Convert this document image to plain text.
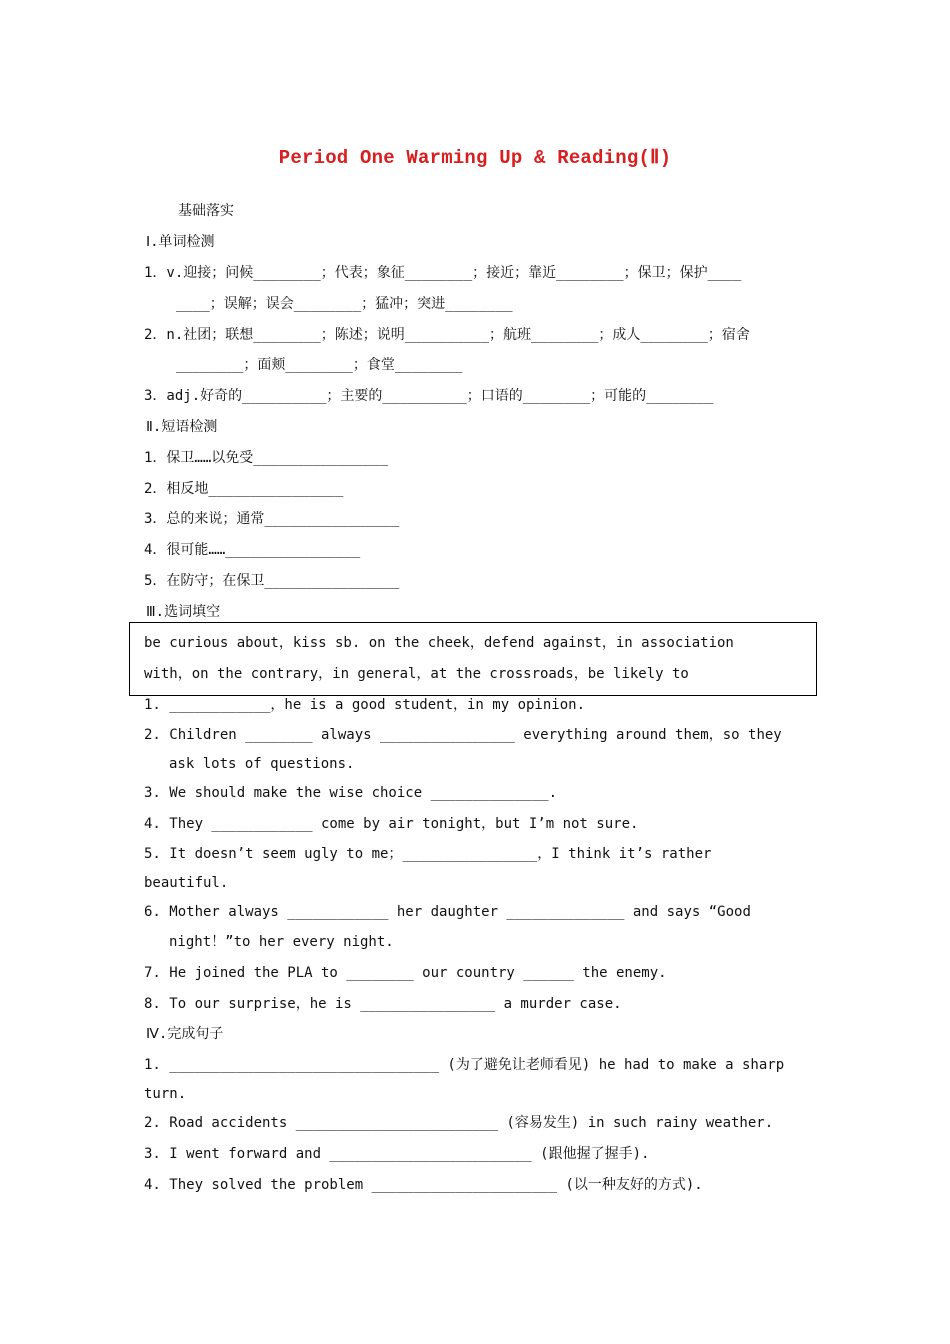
Period One Warming Up & Reading(Ⅱ)
基础落实
Ⅰ.单词检测
1．v.迎接；问候________；代表；象征________；接近；靠近________；保卫；保护____
____；误解；误会________；猛冲；突进________
2．n.社团；联想________；陈述；说明__________；航班________；成人________；宿舍
________；面颊________；食堂________
3．adj.好奇的__________；主要的__________；口语的________；可能的________
Ⅱ.短语检测
1．保卫……以免受________________
2．相反地________________
3．总的来说；通常________________
4．很可能……________________
5．在防守；在保卫________________
Ⅲ.选词填空
be curious about，kiss sb. on the cheek，defend against，in association
with，on the contrary，in general，at the crossroads，be likely to
1. ____________，he is a good student，in my opinion.
2. Children ________ always ________________ everything around them，so they
ask lots of questions.
3. We should make the wise choice ______________.
4. They ____________ come by air tonight，but I’m not sure.
5. It doesn’t seem ugly to me；________________，I think it’s rather
beautiful.
6. Mother always ____________ her daughter ______________ and says “Good
night！”to her every night.
7. He joined the PLA to ________ our country ______ the enemy.
8. To our surprise，he is ________________ a murder case.
Ⅳ.完成句子
1. ________________________________ (为了避免让老师看见) he had to make a sharp
turn.
2. Road accidents ________________________ (容易发生) in such rainy weather.
3. I went forward and ________________________ (跟他握了握手).
4. They solved the problem ______________________ (以一种友好的方式).
